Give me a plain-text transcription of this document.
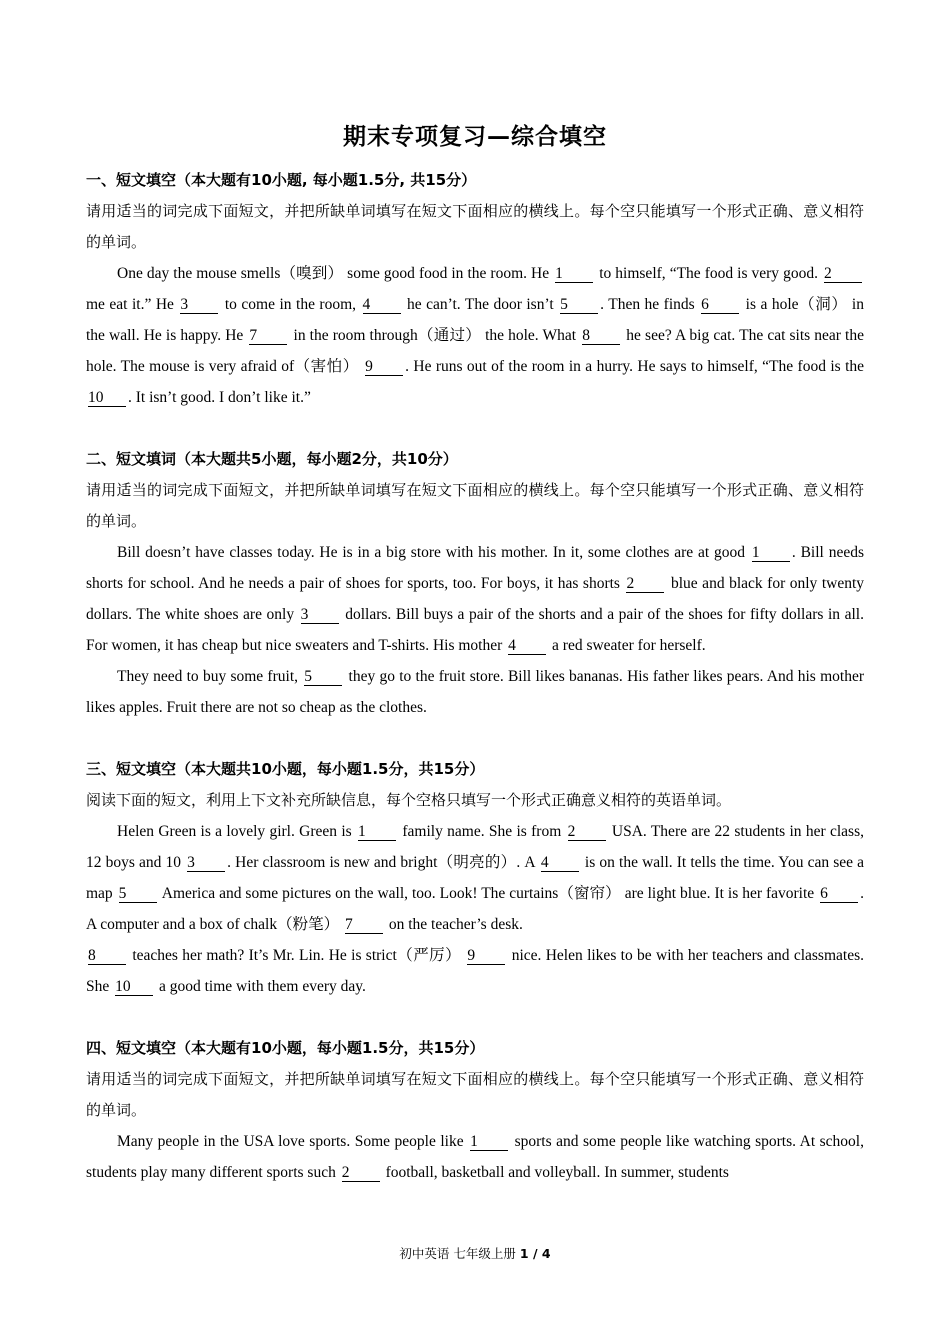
期末专项复习—综合填空
一、短文填空（本大题有10小题, 每小题1.5分, 共15分）
请用适当的词完成下面短文，并把所缺单词填写在短文下面相应的横线上。每个空只能填写一个形式正确、意义相符的单词。
One day the mouse smells（嗅到） some good food in the room. He 1 to himself, “The food is very good. 2 me eat it.” He 3 to come in the room, 4 he can’t. The door isn’t 5 . Then he finds 6 is a hole（洞） in the wall. He is happy. He 7 in the room through（通过） the hole. What 8 he see? A big cat. The cat sits near the hole. The mouse is very afraid of（害怕） 9 . He runs out of the room in a hurry. He says to himself, “The food is the 10 . It isn’t good. I don’t like it.”
二、短文填词（本大题共5小题，每小题2分，共10分）
请用适当的词完成下面短文，并把所缺单词填写在短文下面相应的横线上。每个空只能填写一个形式正确、意义相符的单词。
Bill doesn’t have classes today. He is in a big store with his mother. In it, some clothes are at good 1 . Bill needs shorts for school. And he needs a pair of shoes for sports, too. For boys, it has shorts 2 blue and black for only twenty dollars. The white shoes are only 3 dollars. Bill buys a pair of the shorts and a pair of the shoes for fifty dollars in all. For women, it has cheap but nice sweaters and T-shirts. His mother 4 a red sweater for herself.
They need to buy some fruit, 5 they go to the fruit store. Bill likes bananas. His father likes pears. And his mother likes apples. Fruit there are not so cheap as the clothes.
三、短文填空（本大题共10小题，每小题1.5分，共15分）
阅读下面的短文，利用上下文补充所缺信息，每个空格只填写一个形式正确意义相符的英语单词。
Helen Green is a lovely girl. Green is 1 family name. She is from 2 USA. There are 22 students in her class, 12 boys and 10 3 . Her classroom is new and bright（明亮的）. A 4 is on the wall. It tells the time. You can see a map 5 America and some pictures on the wall, too. Look! The curtains（窗帘） are light blue. It is her favorite 6 . A computer and a box of chalk（粉笔） 7 on the teacher’s desk.
8 teaches her math? It’s Mr. Lin. He is strict（严厉） 9 nice. Helen likes to be with her teachers and classmates. She 10 a good time with them every day.
四、短文填空（本大题有10小题，每小题1.5分，共15分）
请用适当的词完成下面短文，并把所缺单词填写在短文下面相应的横线上。每个空只能填写一个形式正确、意义相符的单词。
Many people in the USA love sports. Some people like 1 sports and some people like watching sports. At school, students play many different sports such 2 football, basketball and volleyball. In summer, students
初中英语 七年级上册 1 / 4
